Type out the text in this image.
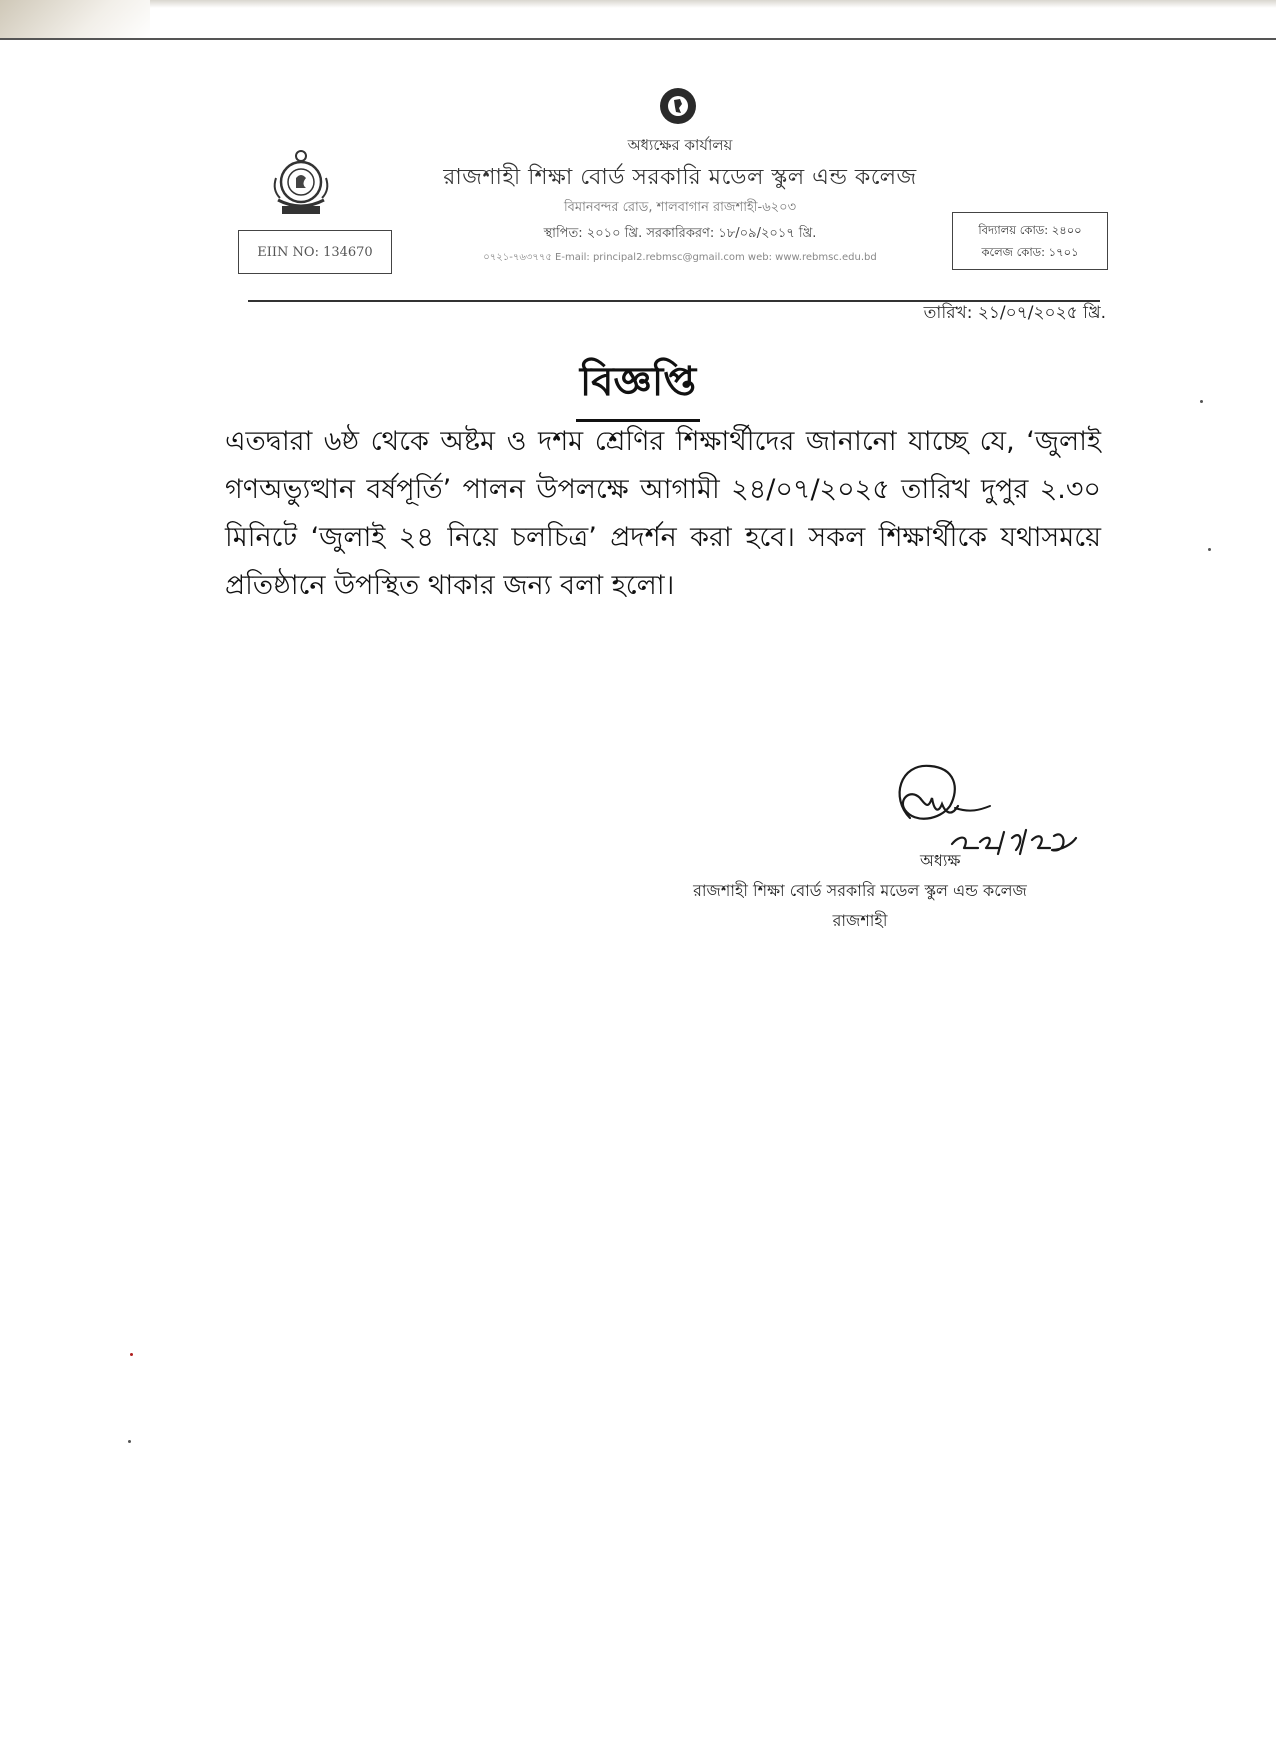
অধ্যক্ষের কার্যালয়
রাজশাহী শিক্ষা বোর্ড সরকারি মডেল স্কুল এন্ড কলেজ
বিমানবন্দর রোড, শালবাগান রাজশাহী-৬২০৩
স্থাপিত: ২০১০ খ্রি. সরকারিকরণ: ১৮/০৯/২০১৭ খ্রি.
০৭২১-৭৬৩৭৭৫ E-mail: principal2.rebmsc@gmail.com web: www.rebmsc.edu.bd
EIIN NO: 134670
বিদ্যালয় কোড: ২৪০০
কলেজ কোড: ১৭০১
তারিখ: ২১/০৭/২০২৫ খ্রি.
বিজ্ঞপ্তি
এতদ্বারা ৬ষ্ঠ থেকে অষ্টম ও দশম শ্রেণির শিক্ষার্থীদের জানানো যাচ্ছে যে, ‘জুলাই গণঅভ্যুত্থান বর্ষপূর্তি’ পালন উপলক্ষে আগামী ২৪/০৭/২০২৫ তারিখ দুপুর ২.৩০ মিনিটে ‘জুলাই ২৪ নিয়ে চলচিত্র’ প্রদর্শন করা হবে। সকল শিক্ষার্থীকে যথাসময়ে প্রতিষ্ঠানে উপস্থিত থাকার জন্য বলা হলো।
অধ্যক্ষ
রাজশাহী শিক্ষা বোর্ড সরকারি মডেল স্কুল এন্ড কলেজ
রাজশাহী
